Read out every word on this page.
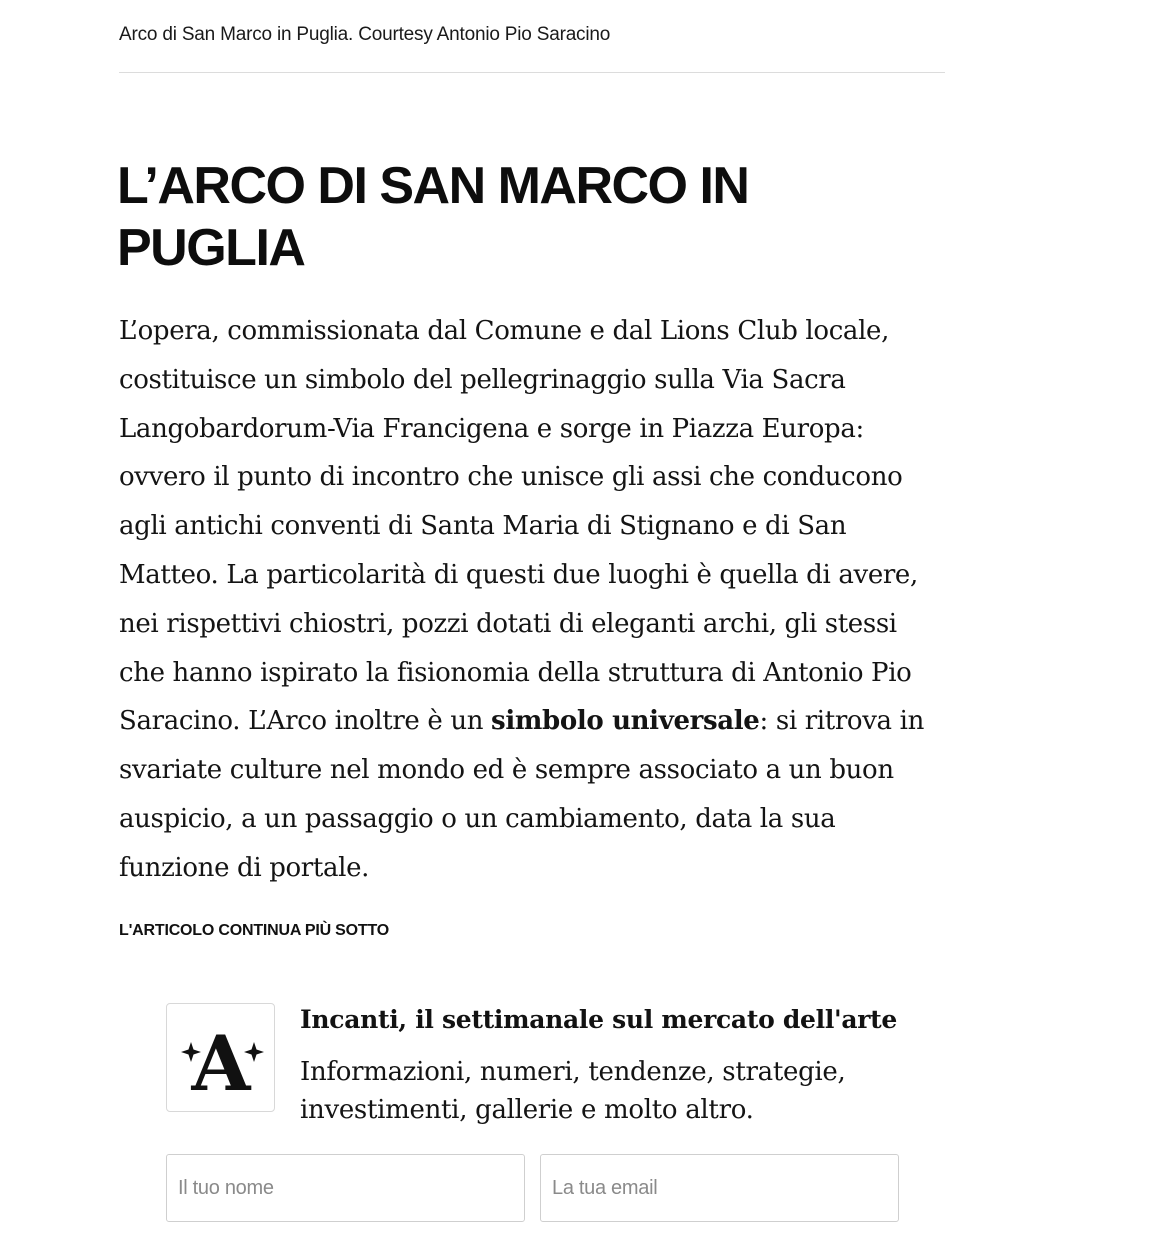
Arco di San Marco in Puglia. Courtesy Antonio Pio Saracino
L’ARCO DI SAN MARCO IN PUGLIA

L’opera, commissionata dal Comune e dal Lions Club locale, costituisce un simbolo del pellegrinaggio sulla Via Sacra Langobardorum-Via Francigena e sorge in Piazza Europa: ovvero il punto di incontro che unisce gli assi che conducono agli antichi conventi di Santa Maria di Stignano e di San Matteo. La particolarità di questi due luoghi è quella di avere, nei rispettivi chiostri, pozzi dotati di eleganti archi, gli stessi che hanno ispirato la fisionomia della struttura di Antonio Pio Saracino. L’Arco inoltre è un simbolo universale: si ritrova in svariate culture nel mondo ed è sempre associato a un buon auspicio, a un passaggio o un cambiamento, data la sua funzione di portale.

L'ARTICOLO CONTINUA PIÙ SOTTO
A Incanti, il settimanale sul mercato dell'arte
Informazioni, numeri, tendenze, strategie, investimenti, gallerie e molto altro.
Il tuo nome
La tua email
